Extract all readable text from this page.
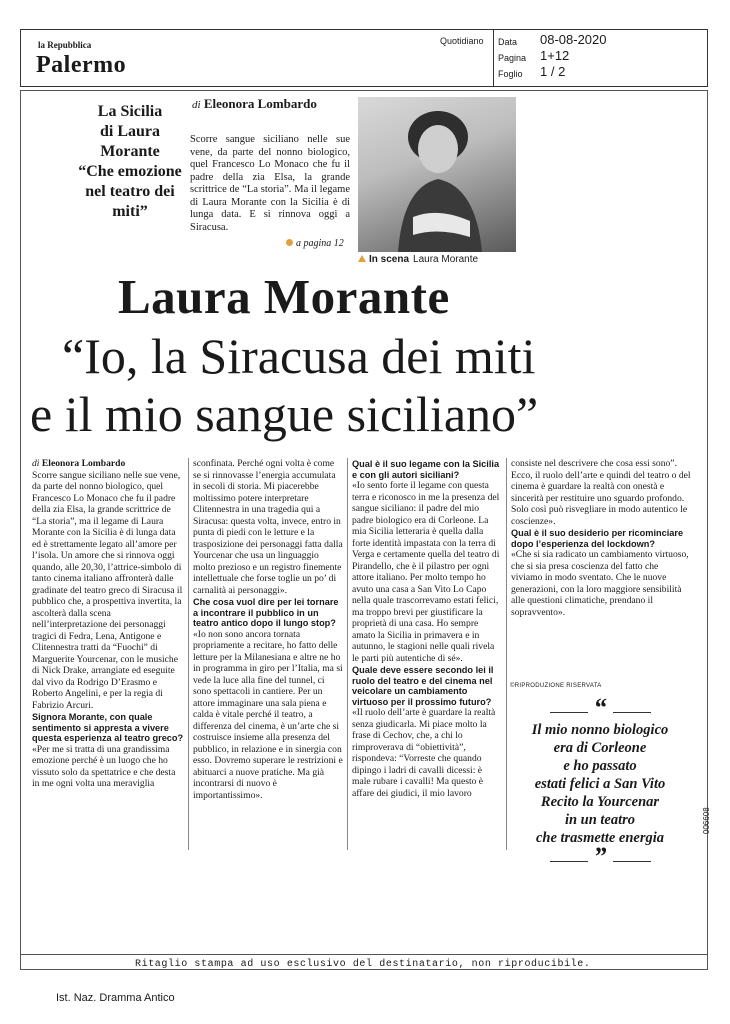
la Repubblica
Palermo
Quotidiano Data 08-08-2020
Pagina 1+12
Foglio 1 / 2
La Sicilia
di Laura Morante
“Che emozione
nel teatro dei miti”
di Eleonora Lombardo
Scorre sangue siciliano nelle sue vene, da parte del nonno biologico, quel Francesco Lo Monaco che fu il padre della zia Elsa, la grande scrittrice de “La storia”. Ma il legame di Laura Morante con la Sicilia è di lunga data. E si rinnova oggi a Siracusa.
a pagina 12
In scena Laura Morante
Laura Morante
“Io, la Siracusa dei miti
e il mio sangue siciliano”

di Eleonora Lombardo

Scorre sangue siciliano nelle sue vene, da parte del nonno biologico, quel Francesco Lo Monaco che fu il padre della zia Elsa, la grande scrittrice de “La storia”, ma il legame di Laura Morante con la Sicilia è di lunga data ed è strettamente legato all’amore per l’isola. Un amore che si rinnova oggi quando, alle 20,30, l’attrice-simbolo di tanto cinema italiano affronterà dalle gradinate del teatro greco di Siracusa il pubblico che, a prospettiva invertita, la ascolterà dalla scena nell’interpretazione dei personaggi tragici di Fedra, Lena, Antigone e Clitennestra tratti da “Fuochi” di Marguerite Yourcenar, con le musiche di Nick Drake, arrangiate ed eseguite dal vivo da Rodrigo D’Erasmo e Roberto Angelini, e per la regia di Fabrizio Arcuri.

Signora Morante, con quale sentimento si appresta a vivere questa esperienza al teatro greco?

«Per me si tratta di una grandissima emozione perché è un luogo che ho vissuto solo da spettatrice e che desta in me ogni volta una meraviglia

sconfinata. Perché ogni volta è come se si rinnovasse l’energia accumulata in secoli di storia. Mi piacerebbe moltissimo potere interpretare Clitennestra in una tragedia qui a Siracusa: questa volta, invece, entro in punta di piedi con le letture e la trasposizione dei personaggi fatta dalla Yourcenar che usa un linguaggio molto prezioso e un registro finemente intellettuale che forse toglie un po’ di carnalità ai personaggi».

Che cosa vuol dire per lei tornare a incontrare il pubblico in un teatro antico dopo il lungo stop?

«Io non sono ancora tornata propriamente a recitare, ho fatto delle letture per la Milanesiana e altre ne ho in programma in giro per l’Italia, ma si vede la luce alla fine del tunnel, ci sono spettacoli in cantiere. Per un attore immaginare una sala piena e calda è vitale perché il teatro, a differenza del cinema, è un’arte che si costruisce insieme alla presenza del pubblico, in relazione e in sinergia con esso. Dovremo superare le restrizioni e abituarci a nuove pratiche. Ma già incontrarsi di nuovo è importantissimo».

Qual è il suo legame con la Sicilia e con gli autori siciliani?

«Io sento forte il legame con questa terra e riconosco in me la presenza del sangue siciliano: il padre del mio padre biologico era di Corleone. La mia Sicilia letteraria è quella dalla forte identità impastata con la terra di Verga e certamente quella del teatro di Pirandello, che è il pilastro per ogni attore italiano. Per molto tempo ho avuto una casa a San Vito Lo Capo nella quale trascorrevamo estati felici, ma troppo brevi per giustificare la proprietà di una casa. Ho sempre amato la Sicilia in primavera e in autunno, le stagioni nelle quali rivela le parti più autentiche di sé».

Quale deve essere secondo lei il ruolo del teatro e del cinema nel veicolare un cambiamento virtuoso per il prossimo futuro?

«Il ruolo dell’arte è guardare la realtà senza giudicarla. Mi piace molto la frase di Cechov, che, a chi lo rimproverava di “obiettività”, rispondeva: “Vorreste che quando dipingo i ladri di cavalli dicessi: è male rubare i cavalli! Ma questo è affare dei giudici, il mio lavoro

consiste nel descrivere che cosa essi sono”. Ecco, il ruolo dell’arte e quindi del teatro o del cinema è guardare la realtà con onestà e sincerità per restituire uno sguardo profondo. Solo così può risvegliare in modo autentico le coscienze».

Qual è il suo desiderio per ricominciare dopo l’esperienza del lockdown?

«Che si sia radicato un cambiamento virtuoso, che si sia presa coscienza del fatto che viviamo in modo sventato. Che le nuove generazioni, con la loro maggiore sensibilità alle questioni climatiche, prendano il sopravvento».

©RIPRODUZIONE RISERVATA
“
Il mio nonno biologico
era di Corleone
e ho passato
estati felici a San Vito
Recito la Yourcenar
in un teatro
che trasmette energia
”
006608
Ritaglio stampa ad uso esclusivo del destinatario, non riproducibile.
Ist. Naz. Dramma Antico
